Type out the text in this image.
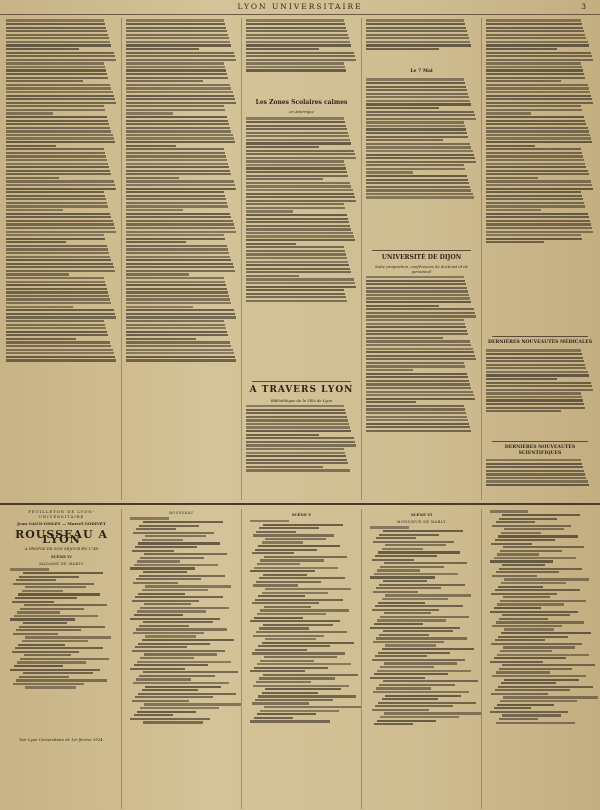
LYON UNIVERSITAIRE	3
Les Zones Scolaires calmes
en Amérique
A TRAVERS LYON
Bibliothèque de la Ville de Lyon
Le 7 Mai
UNIVERSITÉ DE DIJON
Suite proposition, conférences de doctorat et de personnel
DERNIÈRES NOUVEAUTÉS MÉDICALES
DERNIÈRES NOUVEAUTÉS SCIENTIFIQUES
FEUILLETON DE LYON-UNIVERSITAIRE
Jean GAGN-GISLEY — Marcel GODIVET
ROUSSEAU A LYON
A PROPOS DE SON SÉJOUR EN 1740
SCÈNE IV
MADAME DE MABLY
Voir Lyon Universitaire de 1er février 1924.
ROUSSEAU	SCÈNE V	SCÈNE VI
MONSIEUR DE MABLY
